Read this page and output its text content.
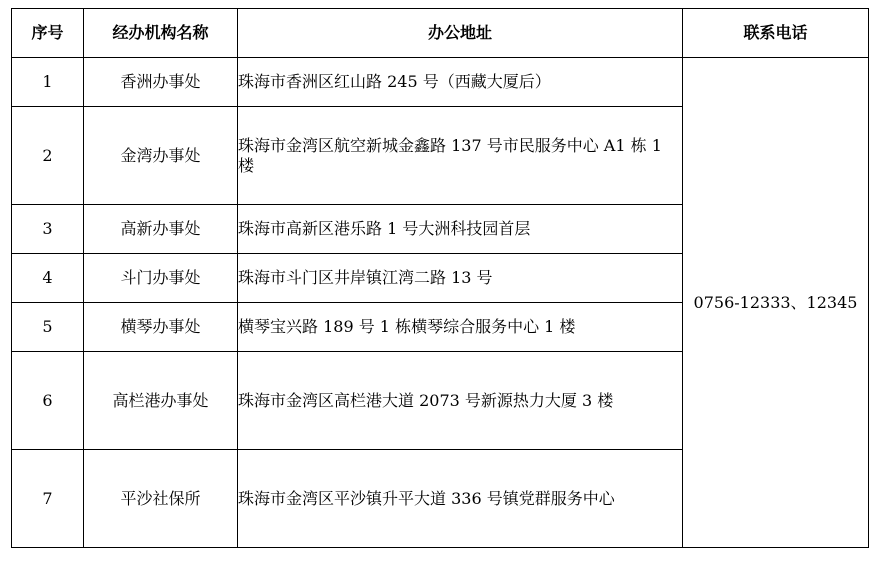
序号	经办机构名称	办公地址	联系电话
1	香洲办事处	珠海市香洲区红山路 245 号（西藏大厦后）	0756-12333、12345
2	金湾办事处	珠海市金湾区航空新城金鑫路 137 号市民服务中心 A1 栋 1 楼	
3	高新办事处	珠海市高新区港乐路 1 号大洲科技园首层	
4	斗门办事处	珠海市斗门区井岸镇江湾二路 13 号	
5	横琴办事处	横琴宝兴路 189 号 1 栋横琴综合服务中心 1 楼	
6	高栏港办事处	珠海市金湾区高栏港大道 2073 号新源热力大厦 3 楼	
7	平沙社保所	珠海市金湾区平沙镇升平大道 336 号镇党群服务中心	
